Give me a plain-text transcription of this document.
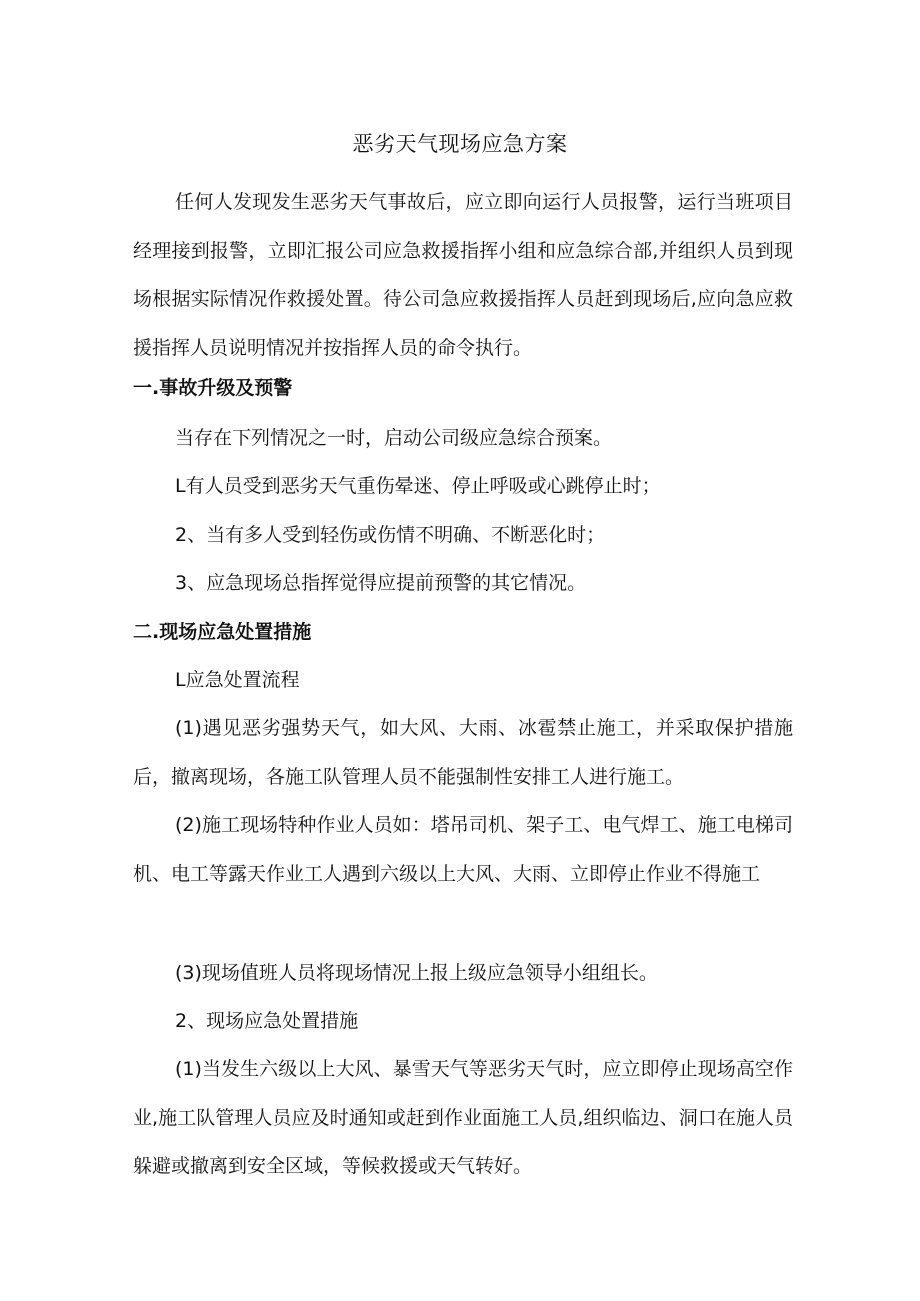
恶劣天气现场应急方案

任何人发现发生恶劣天气事故后，应立即向运行人员报警，运行当班项目经理接到报警，立即汇报公司应急救援指挥小组和应急综合部,并组织人员到现场根据实际情况作救援处置。待公司急应救援指挥人员赶到现场后,应向急应救援指挥人员说明情况并按指挥人员的命令执行。

一.事故升级及预警

当存在下列情况之一时，启动公司级应急综合预案。

L有人员受到恶劣天气重伤晕迷、停止呼吸或心跳停止时；

2、当有多人受到轻伤或伤情不明确、不断恶化时；

3、应急现场总指挥觉得应提前预警的其它情况。

二.现场应急处置措施

L应急处置流程

(1)遇见恶劣强势天气，如大风、大雨、冰雹禁止施工，并采取保护措施后，撤离现场，各施工队管理人员不能强制性安排工人进行施工。

(2)施工现场特种作业人员如：塔吊司机、架子工、电气焊工、施工电梯司机、电工等露天作业工人遇到六级以上大风、大雨、立即停止作业不得施工

(3)现场值班人员将现场情况上报上级应急领导小组组长。

2、现场应急处置措施

(1)当发生六级以上大风、暴雪天气等恶劣天气时，应立即停止现场高空作业,施工队管理人员应及时通知或赶到作业面施工人员,组织临边、洞口在施人员躲避或撤离到安全区域，等候救援或天气转好。
